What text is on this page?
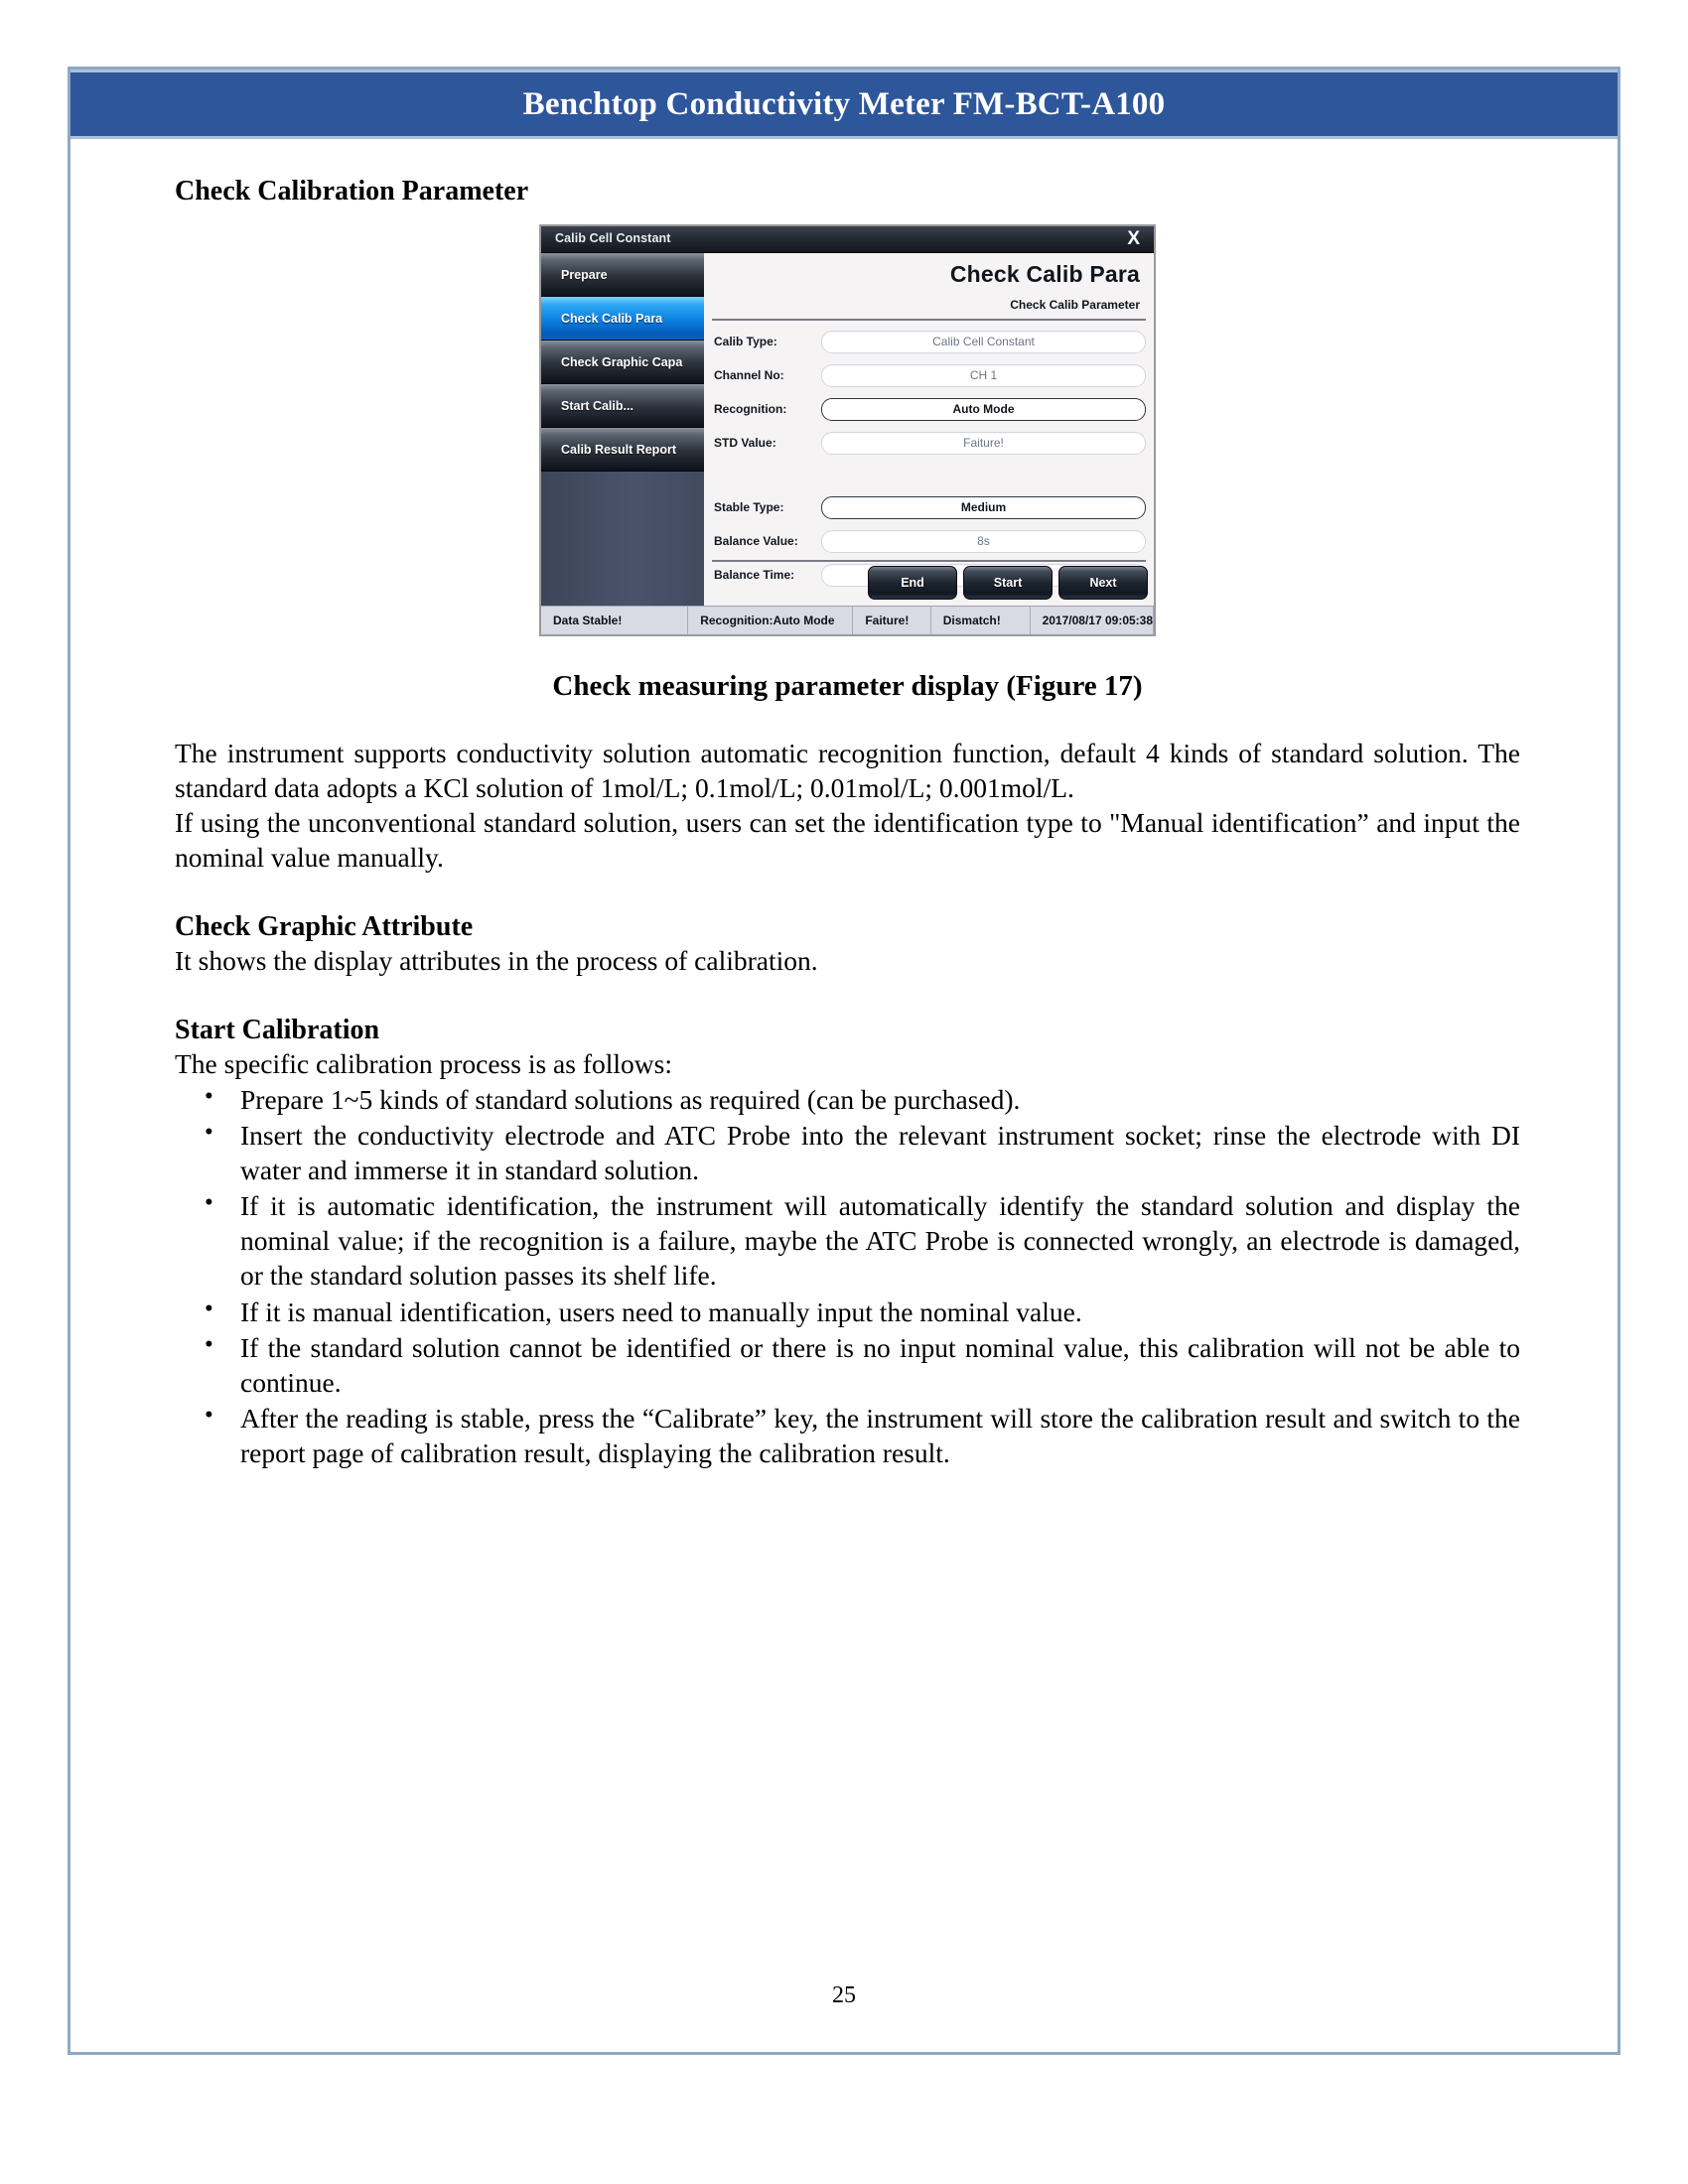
Benchtop Conductivity Meter FM-BCT-A100
Check Calibration Parameter
Calib Cell Constant	X
Prepare
Check Calib Para
Check Graphic Capa
Start Calib...
Calib Result Report
Check Calib Para
Check Calib Parameter
Calib Type:	Calib Cell Constant
Channel No:	CH 1
Recognition:	Auto Mode
STD Value:	Faiture!
Stable Type:	Medium
Balance Value:	8s
Balance Time:
End	Start	Next
Data Stable!	Recognition:Auto Mode	Faiture!	Dismatch!	2017/08/17 09:05:38
Check measuring parameter display (Figure 17)

The instrument supports conductivity solution automatic recognition function, default 4 kinds of standard solution. The standard data adopts a KCl solution of 1mol/L; 0.1mol/L; 0.01mol/L; 0.001mol/L.

If using the unconventional standard solution, users can set the identification type to "Manual identification” and input the nominal value manually.

Check Graphic Attribute

It shows the display attributes in the process of calibration.

Start Calibration

The specific calibration process is as follows:

• Prepare 1~5 kinds of standard solutions as required (can be purchased).
• Insert the conductivity electrode and ATC Probe into the relevant instrument socket; rinse the electrode with DI water and immerse it in standard solution.
• If it is automatic identification, the instrument will automatically identify the standard solution and display the nominal value; if the recognition is a failure, maybe the ATC Probe is connected wrongly, an electrode is damaged, or the standard solution passes its shelf life.
• If it is manual identification, users need to manually input the nominal value.
• If the standard solution cannot be identified or there is no input nominal value, this calibration will not be able to continue.
• After the reading is stable, press the “Calibrate” key, the instrument will store the calibration result and switch to the report page of calibration result, displaying the calibration result.
25
